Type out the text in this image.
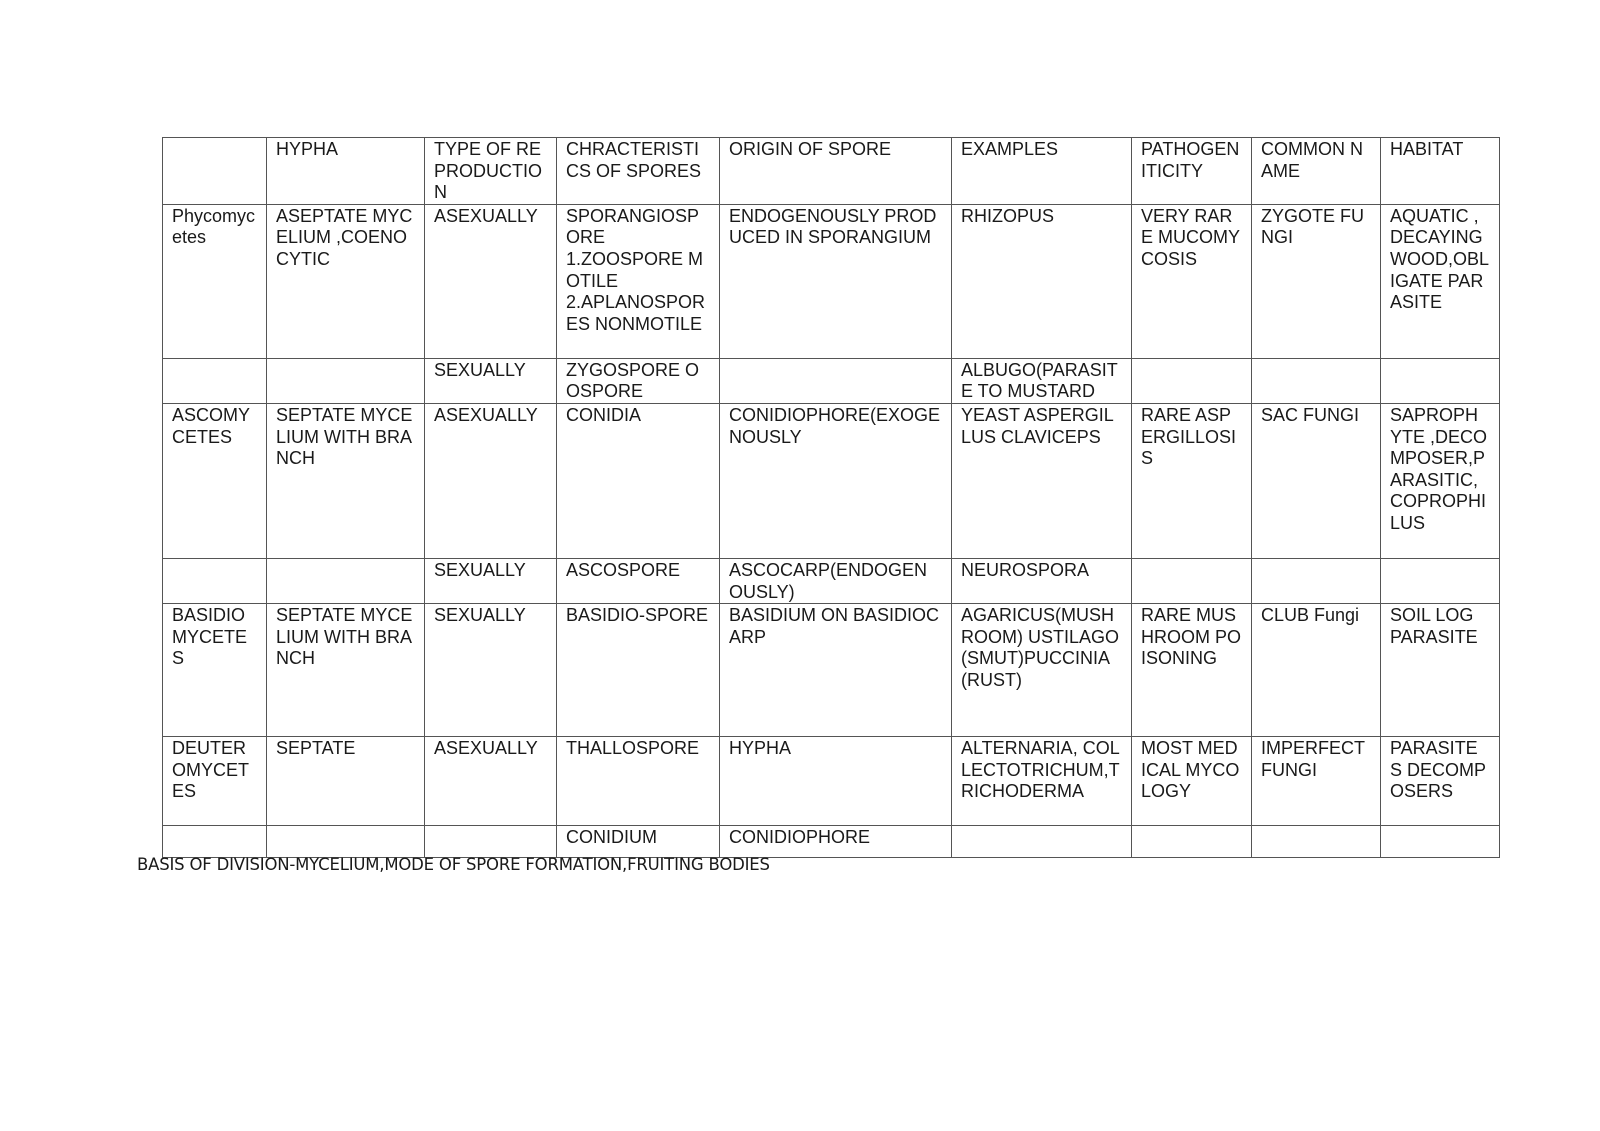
	HYPHA	TYPE OF REPRODUCTION	CHRACTERISTICS OF SPORES	ORIGIN OF SPORE	EXAMPLES	PATHOGENITICITY	COMMON NAME	HABITAT
Phycomycetes	ASEPTATE MYCELIUM ,COENOCYTIC	ASEXUALLY	SPORANGIOSPORE
1.ZOOSPORE MOTILE
2.APLANOSPORES NONMOTILE	ENDOGENOUSLY PRODUCED IN SPORANGIUM	RHIZOPUS	VERY RARE MUCOMYCOSIS	ZYGOTE FUNGI	AQUATIC ,DECAYING WOOD,OBLIGATE PARASITE
		SEXUALLY	ZYGOSPORE OOSPORE		ALBUGO(PARASITE TO MUSTARD			
ASCOMYCETES	SEPTATE MYCELIUM WITH BRANCH	ASEXUALLY	CONIDIA	CONIDIOPHORE(EXOGENOUSLY	YEAST ASPERGILLUS CLAVICEPS	RARE ASPERGILLOSIS	SAC FUNGI	SAPROPHYTE ,DECOMPOSER,PARASITIC,COPROPHILUS
		SEXUALLY	ASCOSPORE	ASCOCARP(ENDOGENOUSLY)	NEUROSPORA			
BASIDIOMYCETES	SEPTATE MYCELIUM WITH BRANCH	SEXUALLY	BASIDIO-SPORE	BASIDIUM ON BASIDIOCARP	AGARICUS(MUSHROOM) USTILAGO(SMUT)PUCCINIA(RUST)	RARE MUSHROOM POISONING	CLUB Fungi	SOIL LOG PARASITE
DEUTEROMYCETES	SEPTATE	ASEXUALLY	THALLOSPORE	HYPHA	ALTERNARIA, COLLECTOTRICHUM,TRICHODERMA	MOST MEDICAL MYCOLOGY	IMPERFECT FUNGI	PARASITES DECOMPOSERS
			CONIDIUM	CONIDIOPHORE				
BASIS OF DIVISION-MYCELIUM,MODE OF SPORE FORMATION,FRUITING BODIES
